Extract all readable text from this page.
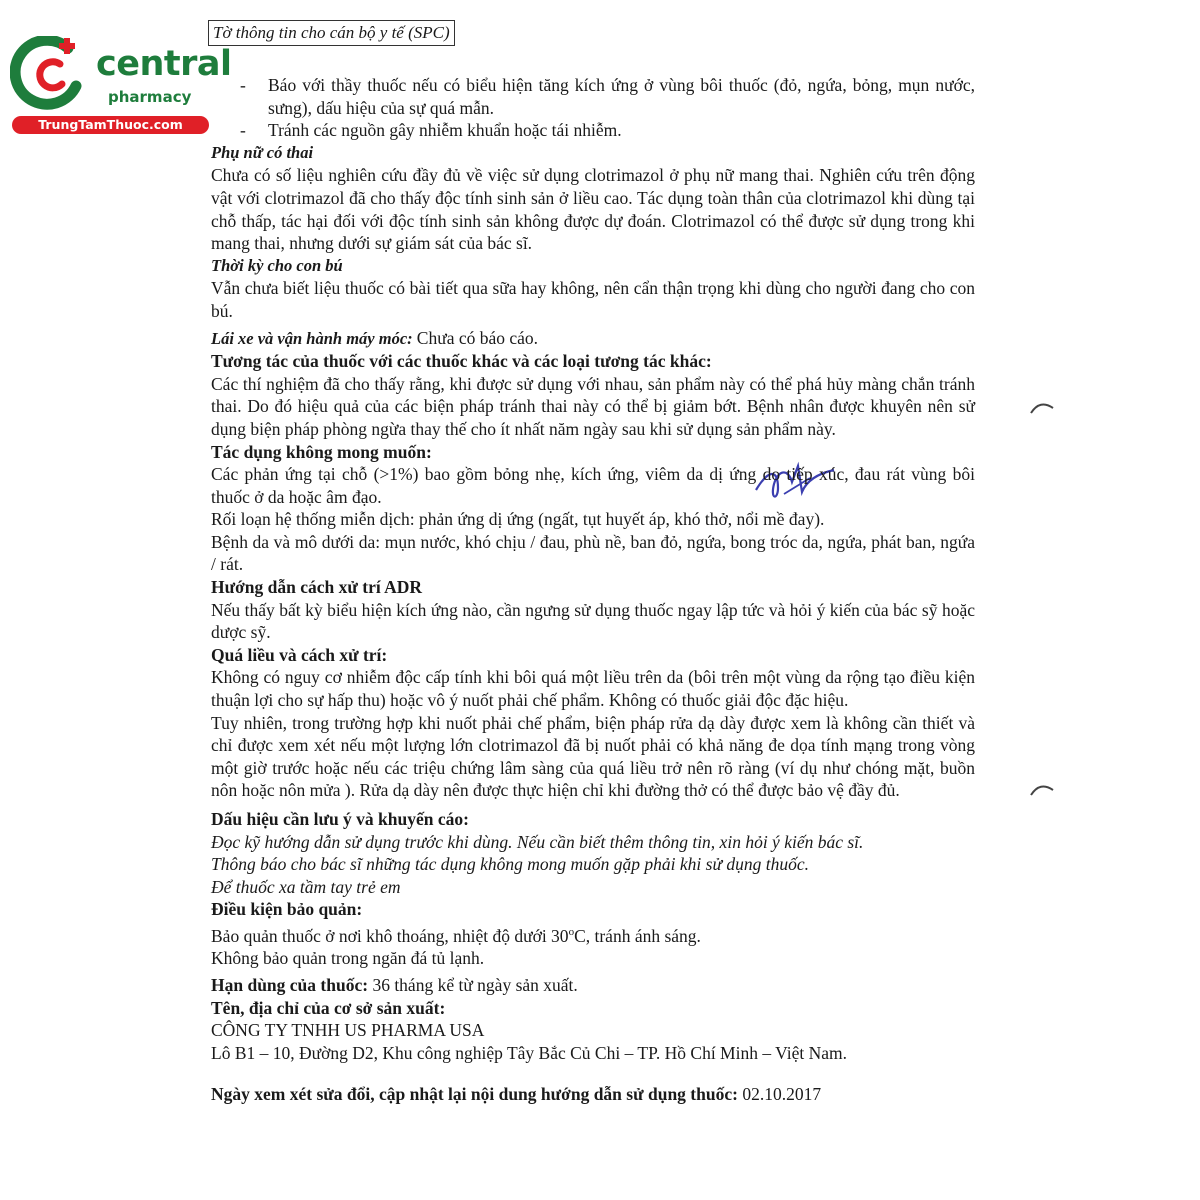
Tờ thông tin cho cán bộ y tế (SPC)
central
pharmacy
TrungTamThuoc.com

- Báo với thầy thuốc nếu có biểu hiện tăng kích ứng ở vùng bôi thuốc (đỏ, ngứa, bỏng, mụn nước, sưng), dấu hiệu của sự quá mẫn.

- Tránh các nguồn gây nhiễm khuẩn hoặc tái nhiễm.

Phụ nữ có thai

Chưa có số liệu nghiên cứu đầy đủ về việc sử dụng clotrimazol ở phụ nữ mang thai. Nghiên cứu trên động vật với clotrimazol đã cho thấy độc tính sinh sản ở liều cao. Tác dụng toàn thân của clotrimazol khi dùng tại chỗ thấp, tác hại đối với độc tính sinh sản không được dự đoán. Clotrimazol có thể được sử dụng trong khi mang thai, nhưng dưới sự giám sát của bác sĩ.

Thời kỳ cho con bú

Vẫn chưa biết liệu thuốc có bài tiết qua sữa hay không, nên cẩn thận trọng khi dùng cho người đang cho con bú.

Lái xe và vận hành máy móc: Chưa có báo cáo.

Tương tác của thuốc với các thuốc khác và các loại tương tác khác:

Các thí nghiệm đã cho thấy rằng, khi được sử dụng với nhau, sản phẩm này có thể phá hủy màng chắn tránh thai. Do đó hiệu quả của các biện pháp tránh thai này có thể bị giảm bớt. Bệnh nhân được khuyên nên sử dụng biện pháp phòng ngừa thay thế cho ít nhất năm ngày sau khi sử dụng sản phẩm này.

Tác dụng không mong muốn:

Các phản ứng tại chỗ (>1%) bao gồm bỏng nhẹ, kích ứng, viêm da dị ứng do tiếp xúc, đau rát vùng bôi thuốc ở da hoặc âm đạo.

Rối loạn hệ thống miễn dịch: phản ứng dị ứng (ngất, tụt huyết áp, khó thở, nổi mề đay).

Bệnh da và mô dưới da: mụn nước, khó chịu / đau, phù nề, ban đỏ, ngứa, bong tróc da, ngứa, phát ban, ngứa / rát.

Hướng dẫn cách xử trí ADR

Nếu thấy bất kỳ biểu hiện kích ứng nào, cần ngưng sử dụng thuốc ngay lập tức và hỏi ý kiến của bác sỹ hoặc dược sỹ.

Quá liều và cách xử trí:

Không có nguy cơ nhiễm độc cấp tính khi bôi quá một liều trên da (bôi trên một vùng da rộng tạo điều kiện thuận lợi cho sự hấp thu) hoặc vô ý nuốt phải chế phẩm. Không có thuốc giải độc đặc hiệu.

Tuy nhiên, trong trường hợp khi nuốt phải chế phẩm, biện pháp rửa dạ dày được xem là không cần thiết và chỉ được xem xét nếu một lượng lớn clotrimazol đã bị nuốt phải có khả năng đe dọa tính mạng trong vòng một giờ trước hoặc nếu các triệu chứng lâm sàng của quá liều trở nên rõ ràng (ví dụ như chóng mặt, buồn nôn hoặc nôn mửa ). Rửa dạ dày nên được thực hiện chỉ khi đường thở có thể được bảo vệ đầy đủ.

Dấu hiệu cần lưu ý và khuyến cáo:

Đọc kỹ hướng dẫn sử dụng trước khi dùng. Nếu cần biết thêm thông tin, xin hỏi ý kiến bác sĩ.

Thông báo cho bác sĩ những tác dụng không mong muốn gặp phải khi sử dụng thuốc.

Để thuốc xa tầm tay trẻ em

Điều kiện bảo quản:

Bảo quản thuốc ở nơi khô thoáng, nhiệt độ dưới 30$^o$C, tránh ánh sáng.

Không bảo quản trong ngăn đá tủ lạnh.

Hạn dùng của thuốc: 36 tháng kể từ ngày sản xuất.

Tên, địa chỉ của cơ sở sản xuất:

CÔNG TY TNHH US PHARMA USA

Lô B1 – 10, Đường D2, Khu công nghiệp Tây Bắc Củ Chi – TP. Hồ Chí Minh – Việt Nam.

Ngày xem xét sửa đổi, cập nhật lại nội dung hướng dẫn sử dụng thuốc: 02.10.2017
